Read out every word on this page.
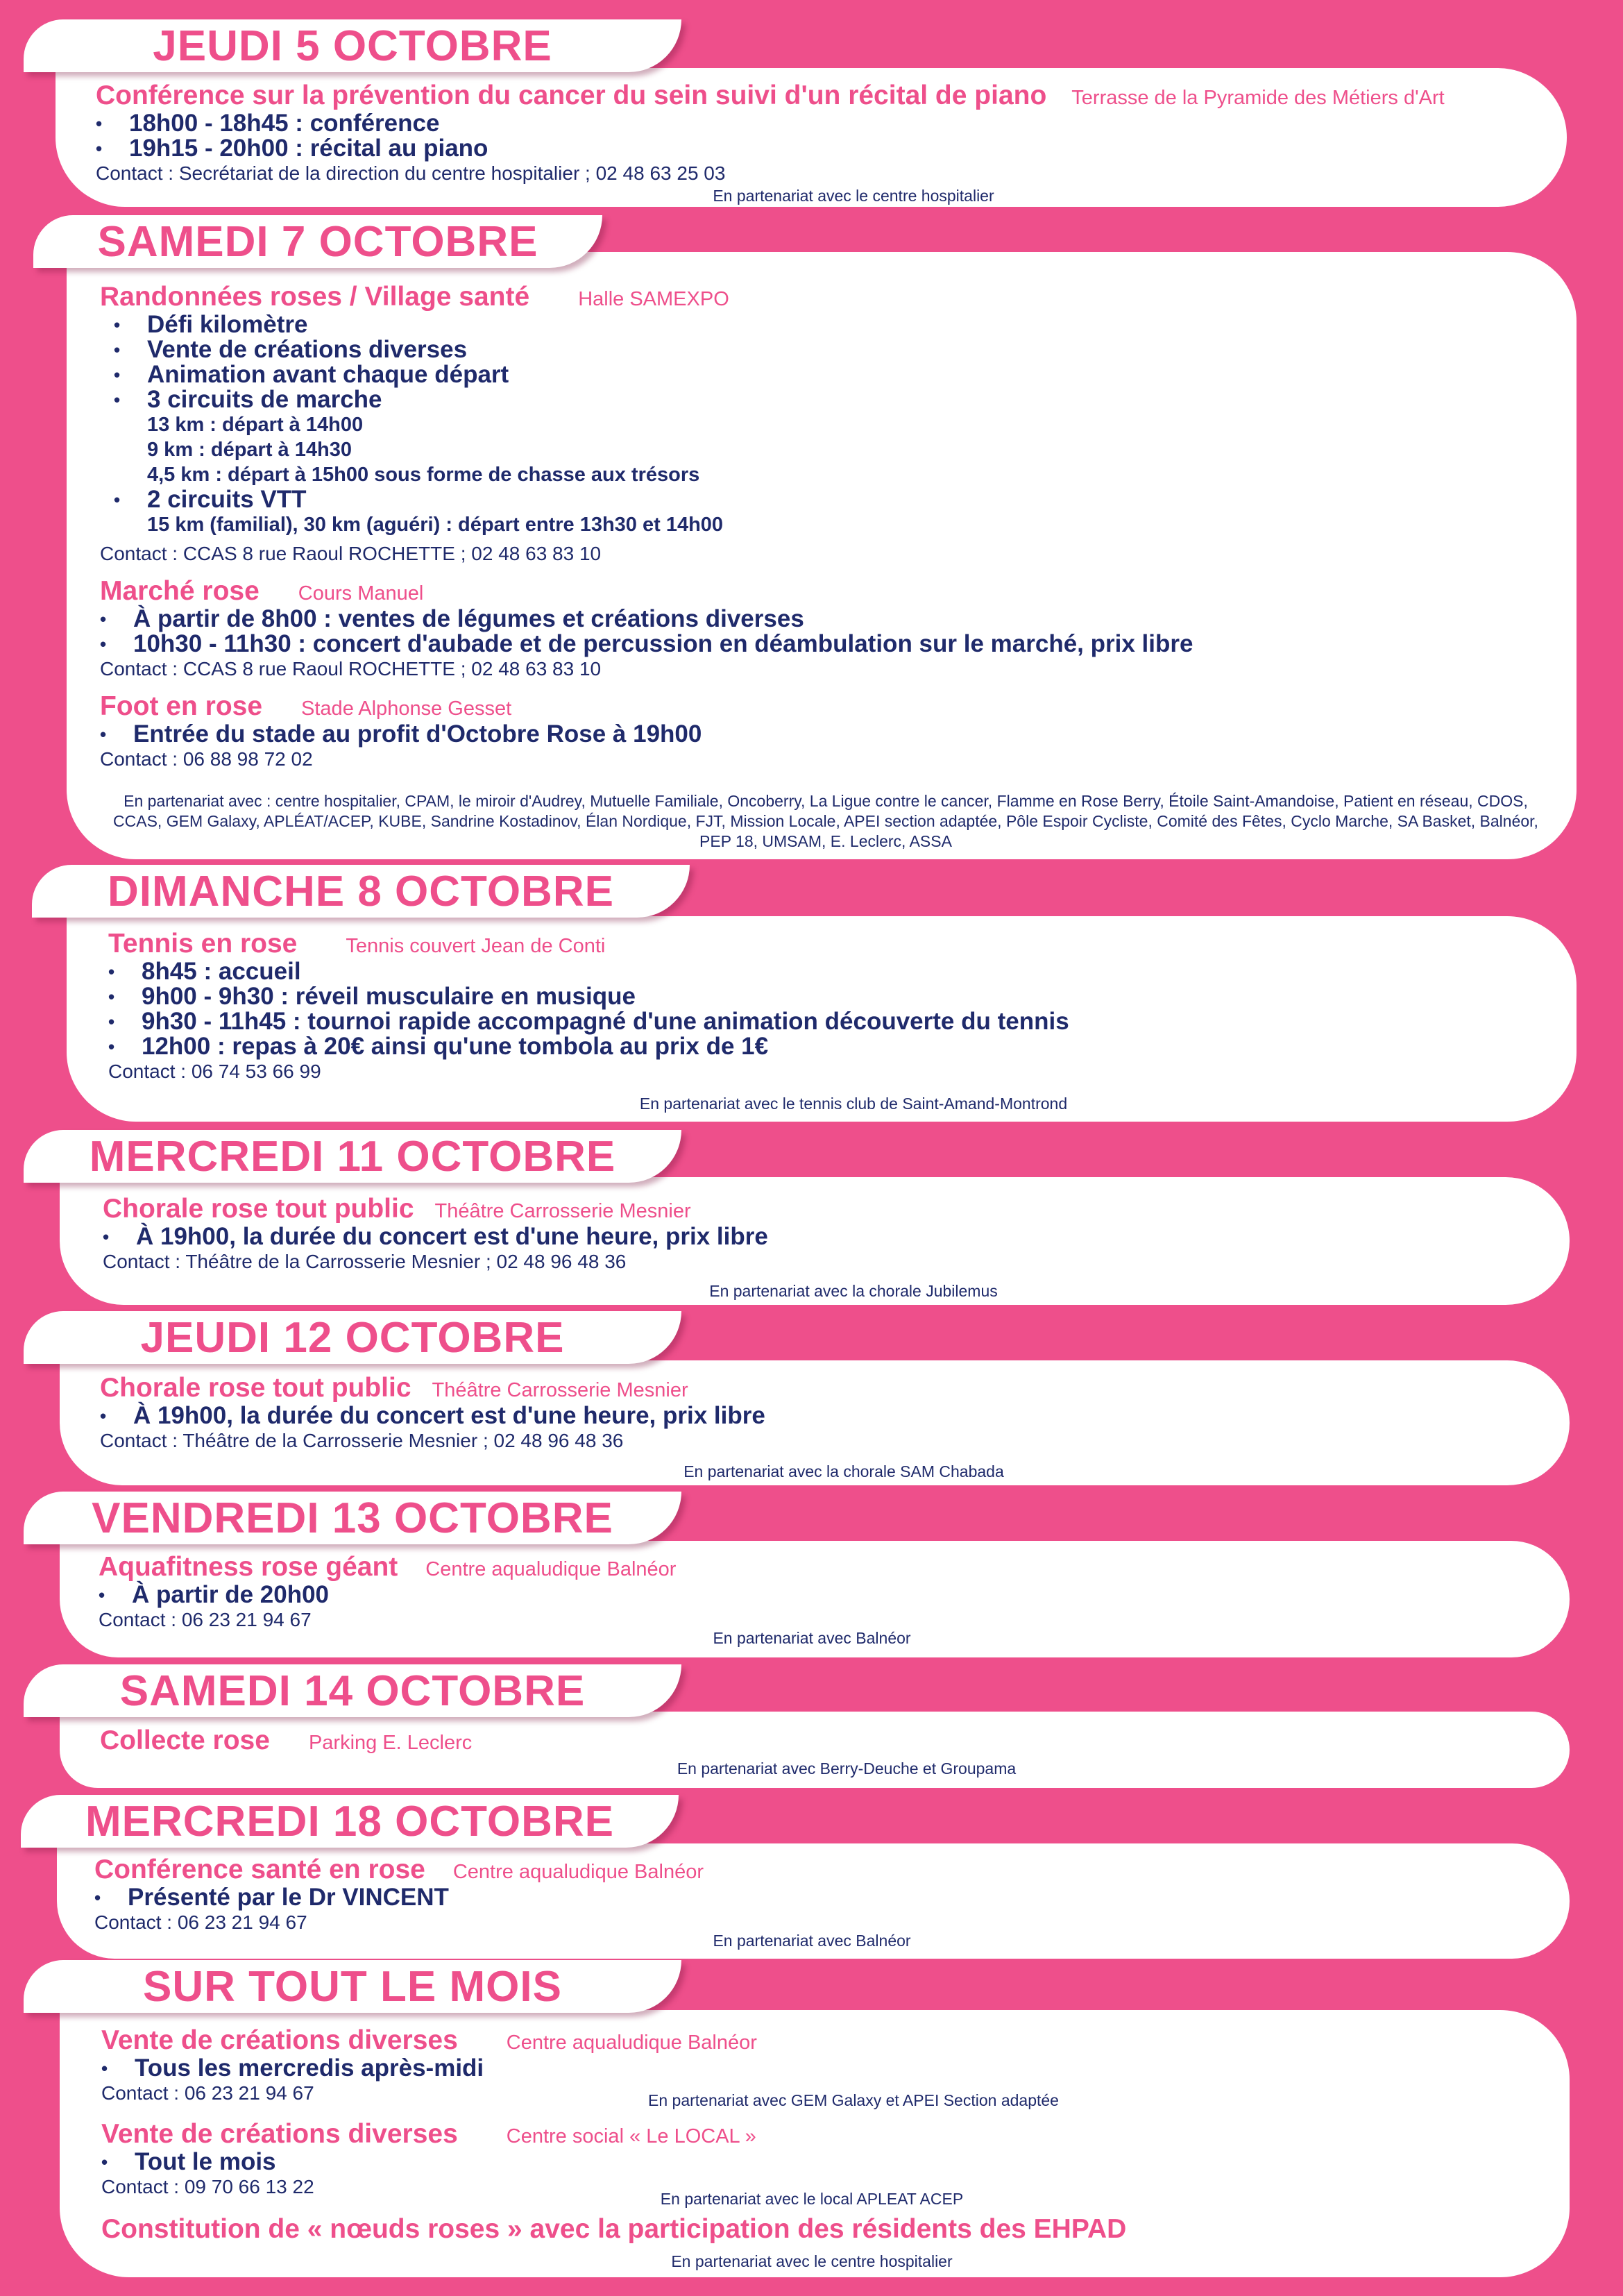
JEUDI 5 OCTOBRE
Conférence sur la prévention du cancer du sein suivi d'un récital de piano Terrasse de la Pyramide des Métiers d'Art
•	18h00 - 18h45 : conférence
•	19h15 - 20h00 : récital au piano
Contact : Secrétariat de la direction du centre hospitalier ; 02 48 63 25 03
En partenariat avec le centre hospitalier
SAMEDI 7 OCTOBRE
Randonnées roses / Village santé Halle SAMEXPO
•	Défi kilomètre
•	Vente de créations diverses
•	Animation avant chaque départ
•	3 circuits de marche
13 km : départ à 14h00
9 km : départ à 14h30
4,5 km : départ à 15h00 sous forme de chasse aux trésors
•	2 circuits VTT
15 km (familial), 30 km (aguéri) : départ entre 13h30 et 14h00
Contact : CCAS 8 rue Raoul ROCHETTE ; 02 48 63 83 10
Marché rose Cours Manuel
•	À partir de 8h00 : ventes de légumes et créations diverses
•	10h30 - 11h30 : concert d'aubade et de percussion en déambulation sur le marché, prix libre
Contact : CCAS 8 rue Raoul ROCHETTE ; 02 48 63 83 10
Foot en rose Stade Alphonse Gesset
•	Entrée du stade au profit d'Octobre Rose à 19h00
Contact : 06 88 98 72 02
En partenariat avec : centre hospitalier, CPAM, le miroir d'Audrey, Mutuelle Familiale, Oncoberry, La Ligue contre le cancer, Flamme en Rose Berry, Étoile Saint-Amandoise, Patient en réseau, CDOS, CCAS, GEM Galaxy, APLÉAT/ACEP, KUBE, Sandrine Kostadinov, Élan Nordique, FJT, Mission Locale, APEI section adaptée, Pôle Espoir Cycliste, Comité des Fêtes, Cyclo Marche, SA Basket, Balnéor, PEP 18, UMSAM, E. Leclerc, ASSA
DIMANCHE 8 OCTOBRE
Tennis en rose Tennis couvert Jean de Conti
•	8h45 : accueil
•	9h00 - 9h30 : réveil musculaire en musique
•	9h30 - 11h45 : tournoi rapide accompagné d'une animation découverte du tennis
•	12h00 : repas à 20€ ainsi qu'une tombola au prix de 1€
Contact : 06 74 53 66 99
En partenariat avec le tennis club de Saint-Amand-Montrond
MERCREDI 11 OCTOBRE
Chorale rose tout public Théâtre Carrosserie Mesnier
•	À 19h00, la durée du concert est d'une heure, prix libre
Contact : Théâtre de la Carrosserie Mesnier ; 02 48 96 48 36
En partenariat avec la chorale Jubilemus
JEUDI 12 OCTOBRE
Chorale rose tout public Théâtre Carrosserie Mesnier
•	À 19h00, la durée du concert est d'une heure, prix libre
Contact : Théâtre de la Carrosserie Mesnier ; 02 48 96 48 36
En partenariat avec la chorale SAM Chabada
VENDREDI 13 OCTOBRE
Aquafitness rose géant Centre aqualudique Balnéor
•	À partir de 20h00
Contact : 06 23 21 94 67
En partenariat avec Balnéor
SAMEDI 14 OCTOBRE
Collecte rose Parking E. Leclerc
En partenariat avec Berry-Deuche et Groupama
MERCREDI 18 OCTOBRE
Conférence santé en rose Centre aqualudique Balnéor
•	Présenté par le Dr VINCENT
Contact : 06 23 21 94 67
En partenariat avec Balnéor
SUR TOUT LE MOIS
Vente de créations diverses Centre aqualudique Balnéor
•	Tous les mercredis après-midi
Contact : 06 23 21 94 67	En partenariat avec GEM Galaxy et APEI Section adaptée
Vente de créations diverses Centre social « Le LOCAL »
•	Tout le mois
Contact : 09 70 66 13 22
En partenariat avec le local APLEAT ACEP
Constitution de « nœuds roses » avec la participation des résidents des EHPAD
En partenariat avec le centre hospitalier
